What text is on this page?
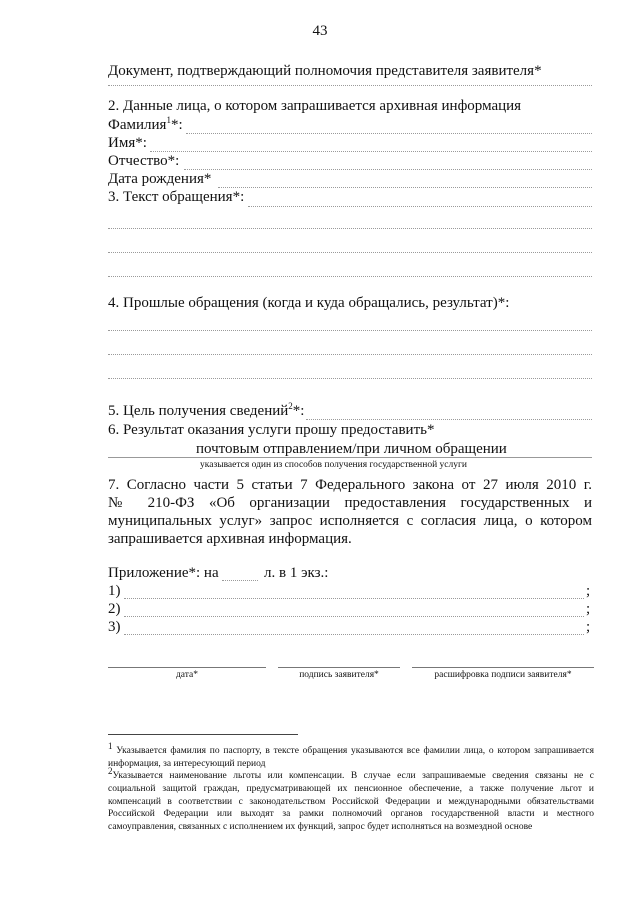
43
Документ, подтверждающий полномочия представителя заявителя*
2. Данные лица, о котором запрашивается архивная информация
Фамилия$^1$*:
Имя*:
Отчество*:
Дата рождения*
3. Текст обращения*:
4. Прошлые обращения (когда и куда обращались, результат)*:
5. Цель получения сведений$^2$*:
6. Результат оказания услуги прошу предоставить*
почтовым отправлением/при личном обращении
указывается один из способов получения государственной услуги
7. Согласно части 5 статьи 7 Федерального закона от 27 июля 2010 г.
№ 210-ФЗ «Об организации предоставления государственных и
муниципальных услуг» запрос исполняется с согласия лица, о котором
запрашивается архивная информация.
Приложение*: на	л. в 1 экз.:
1)	;
2)	;
3)	;
дата*	подпись заявителя*	расшифровка подписи заявителя*
$^1$ Указывается фамилия по паспорту, в тексте обращения указываются все фамилии лица, о котором запрашивается информация, за интересующий период
$^2$Указывается наименование льготы или компенсации. В случае если запрашиваемые сведения связаны не с социальной защитой граждан, предусматривающей их пенсионное обеспечение, а также получение льгот и компенсаций в соответствии с законодательством Российской Федерации и международными обязательствами Российской Федерации или выходят за рамки полномочий органов государственной власти и местного самоуправления, связанных с исполнением их функций, запрос будет исполняться на возмездной основе
